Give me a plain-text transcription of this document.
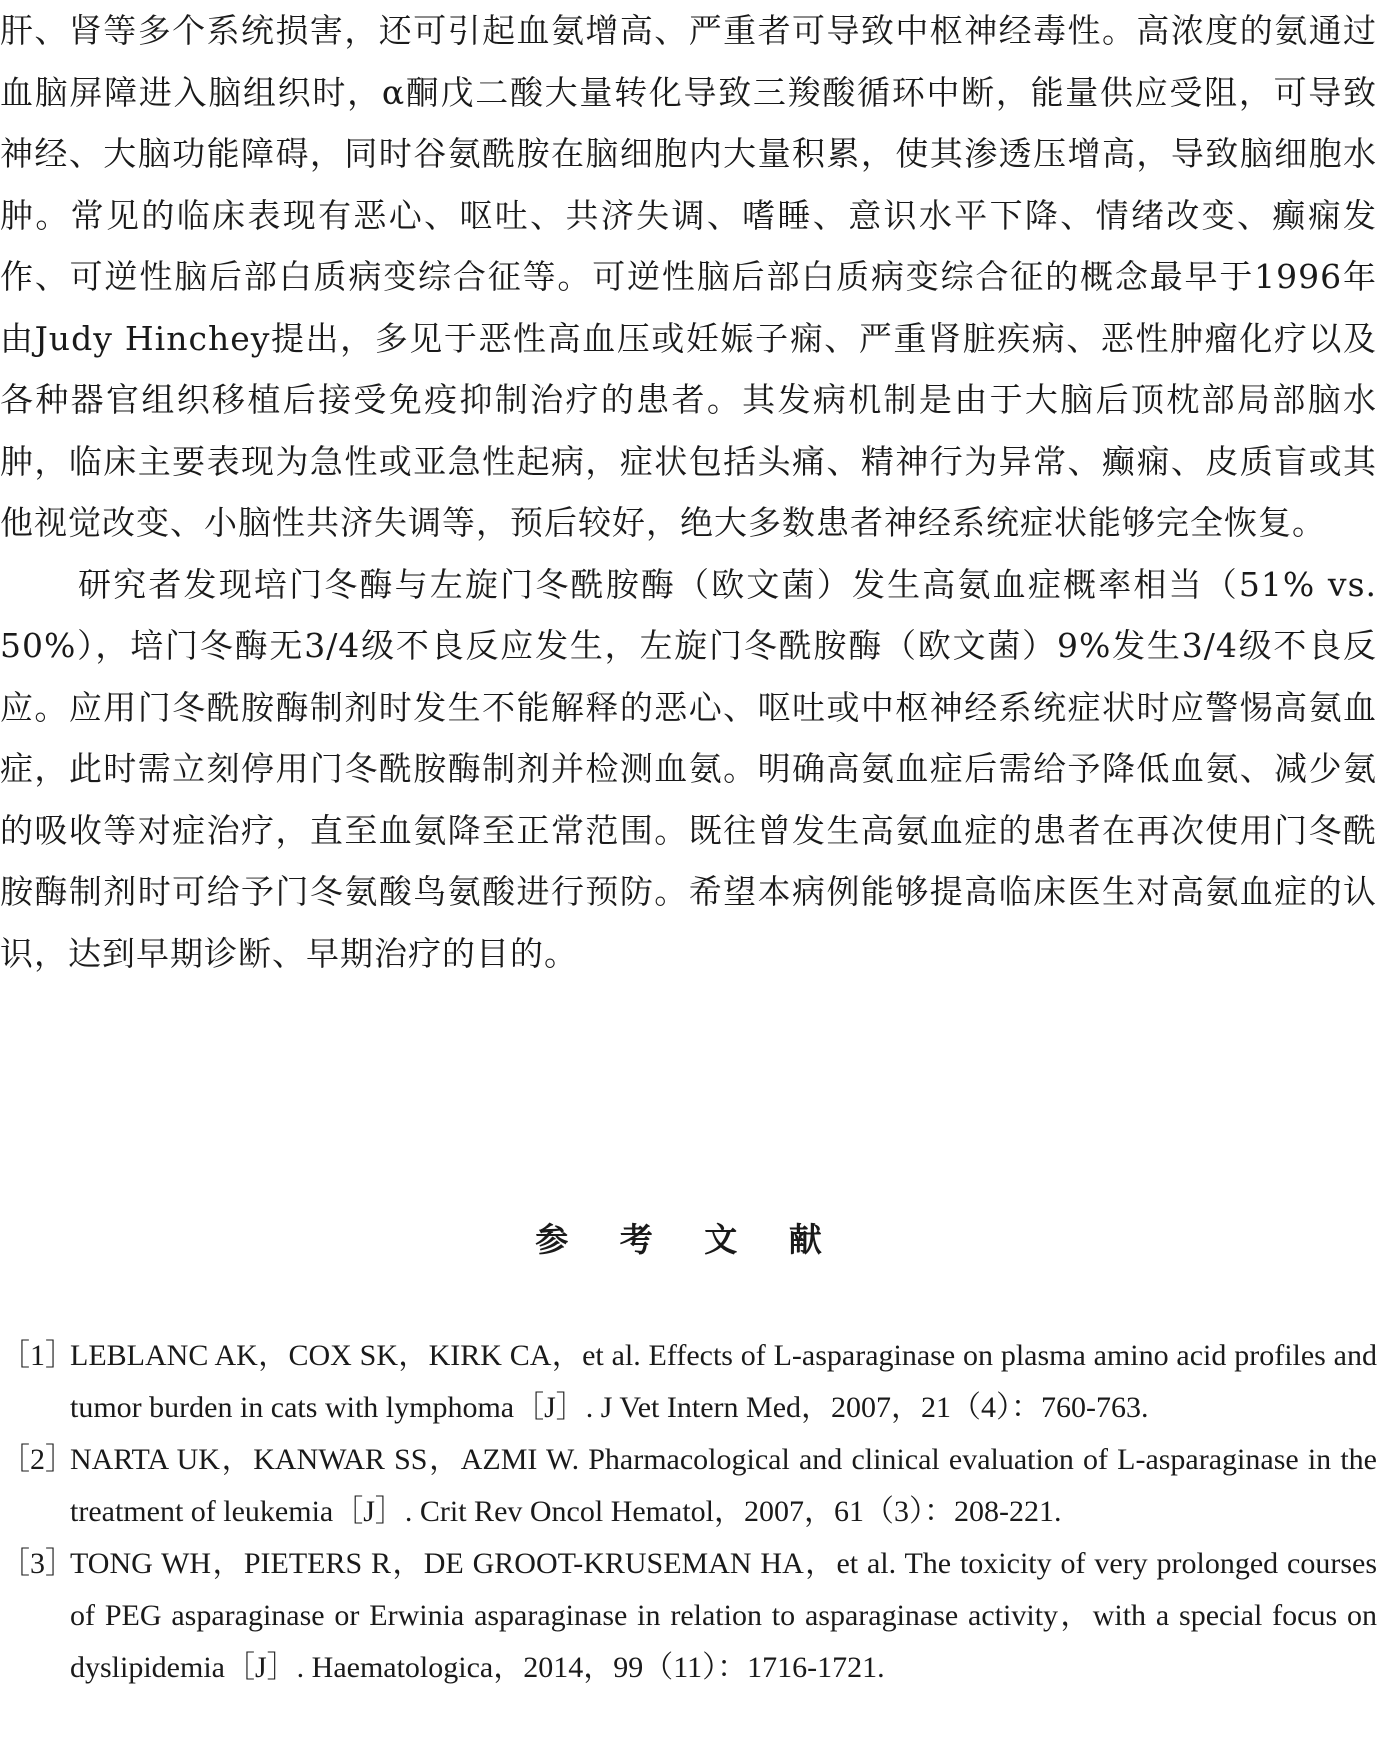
肝、肾等多个系统损害，还可引起血氨增高、严重者可导致中枢神经毒性。高浓度的氨通过血脑屏障进入脑组织时，α酮戊二酸大量转化导致三羧酸循环中断，能量供应受阻，可导致神经、大脑功能障碍，同时谷氨酰胺在脑细胞内大量积累，使其渗透压增高，导致脑细胞水肿。常见的临床表现有恶心、呕吐、共济失调、嗜睡、意识水平下降、情绪改变、癫痫发作、可逆性脑后部白质病变综合征等。可逆性脑后部白质病变综合征的概念最早于1996年由Judy Hinchey提出，多见于恶性高血压或妊娠子痫、严重肾脏疾病、恶性肿瘤化疗以及各种器官组织移植后接受免疫抑制治疗的患者。其发病机制是由于大脑后顶枕部局部脑水肿，临床主要表现为急性或亚急性起病，症状包括头痛、精神行为异常、癫痫、皮质盲或其他视觉改变、小脑性共济失调等，预后较好，绝大多数患者神经系统症状能够完全恢复。

研究者发现培门冬酶与左旋门冬酰胺酶（欧文菌）发生高氨血症概率相当（51% vs. 50%），培门冬酶无3/4级不良反应发生，左旋门冬酰胺酶（欧文菌）9%发生3/4级不良反应。应用门冬酰胺酶制剂时发生不能解释的恶心、呕吐或中枢神经系统症状时应警惕高氨血症，此时需立刻停用门冬酰胺酶制剂并检测血氨。明确高氨血症后需给予降低血氨、减少氨的吸收等对症治疗，直至血氨降至正常范围。既往曾发生高氨血症的患者在再次使用门冬酰胺酶制剂时可给予门冬氨酸鸟氨酸进行预防。希望本病例能够提高临床医生对高氨血症的认识，达到早期诊断、早期治疗的目的。

参 考 文 献
［1］
LEBLANC AK，COX SK，KIRK CA，et al. Effects of L-asparaginase on plasma amino acid profiles and tumor burden in cats with lymphoma［J］. J Vet Intern Med，2007，21（4）：760-763.
［2］
NARTA UK，KANWAR SS，AZMI W. Pharmacological and clinical evaluation of L-asparaginase in the treatment of leukemia［J］. Crit Rev Oncol Hematol，2007，61（3）：208-221.
［3］
TONG WH，PIETERS R，DE GROOT-KRUSEMAN HA，et al. The toxicity of very prolonged courses of PEG asparaginase or Erwinia asparaginase in relation to asparaginase activity，with a special focus on dyslipidemia［J］. Haematologica，2014，99（11）：1716-1721.
